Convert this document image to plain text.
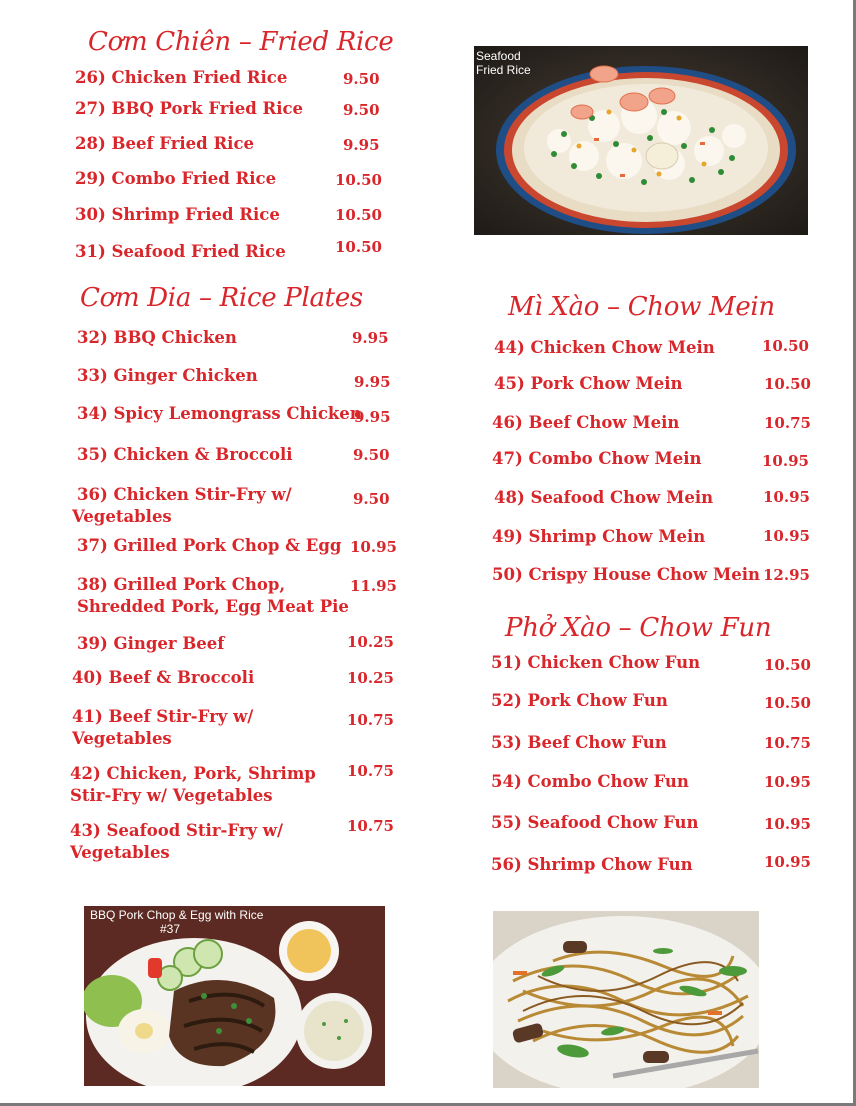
Cơm Chiên – Fried Rice
Cơm Dia – Rice Plates	Mì Xào – Chow Mein
Phở Xào – Chow Fun
26) Chicken Fried Rice	9.50
27) BBQ Pork Fried Rice	9.50
28) Beef Fried Rice	9.95
29) Combo Fried Rice	10.50
30) Shrimp Fried Rice	10.50
31) Seafood Fried Rice	10.50
32) BBQ Chicken	9.95
33) Ginger Chicken	9.95
34) Spicy Lemongrass Chicken
9.95
35) Chicken & Broccoli	9.50
36) Chicken Stir-Fry w/
Vegetables
9.50
37) Grilled Pork Chop & Egg 10.95
38) Grilled Pork Chop,
Shredded Pork, Egg Meat Pie
11.95
39) Ginger Beef	10.25
40) Beef & Broccoli	10.25
41) Beef Stir-Fry w/
Vegetables
10.75
42) Chicken, Pork, Shrimp
Stir-Fry w/ Vegetables
10.75
43) Seafood Stir-Fry w/
Vegetables
10.75
44) Chicken Chow Mein	10.50
45) Pork Chow Mein	10.50
46) Beef Chow Mein	10.75
47) Combo Chow Mein	10.95
48) Seafood Chow Mein	10.95
49) Shrimp Chow Mein	10.95
50) Crispy House Chow Mein 12.95
51) Chicken Chow Fun	10.50
52) Pork Chow Fun	10.50
53) Beef Chow Fun	10.75
54) Combo Chow Fun	10.95
55) Seafood Chow Fun	10.95
56) Shrimp Chow Fun	10.95
Seafood
Fried Rice
BBQ Pork Chop & Egg with Rice
#37
